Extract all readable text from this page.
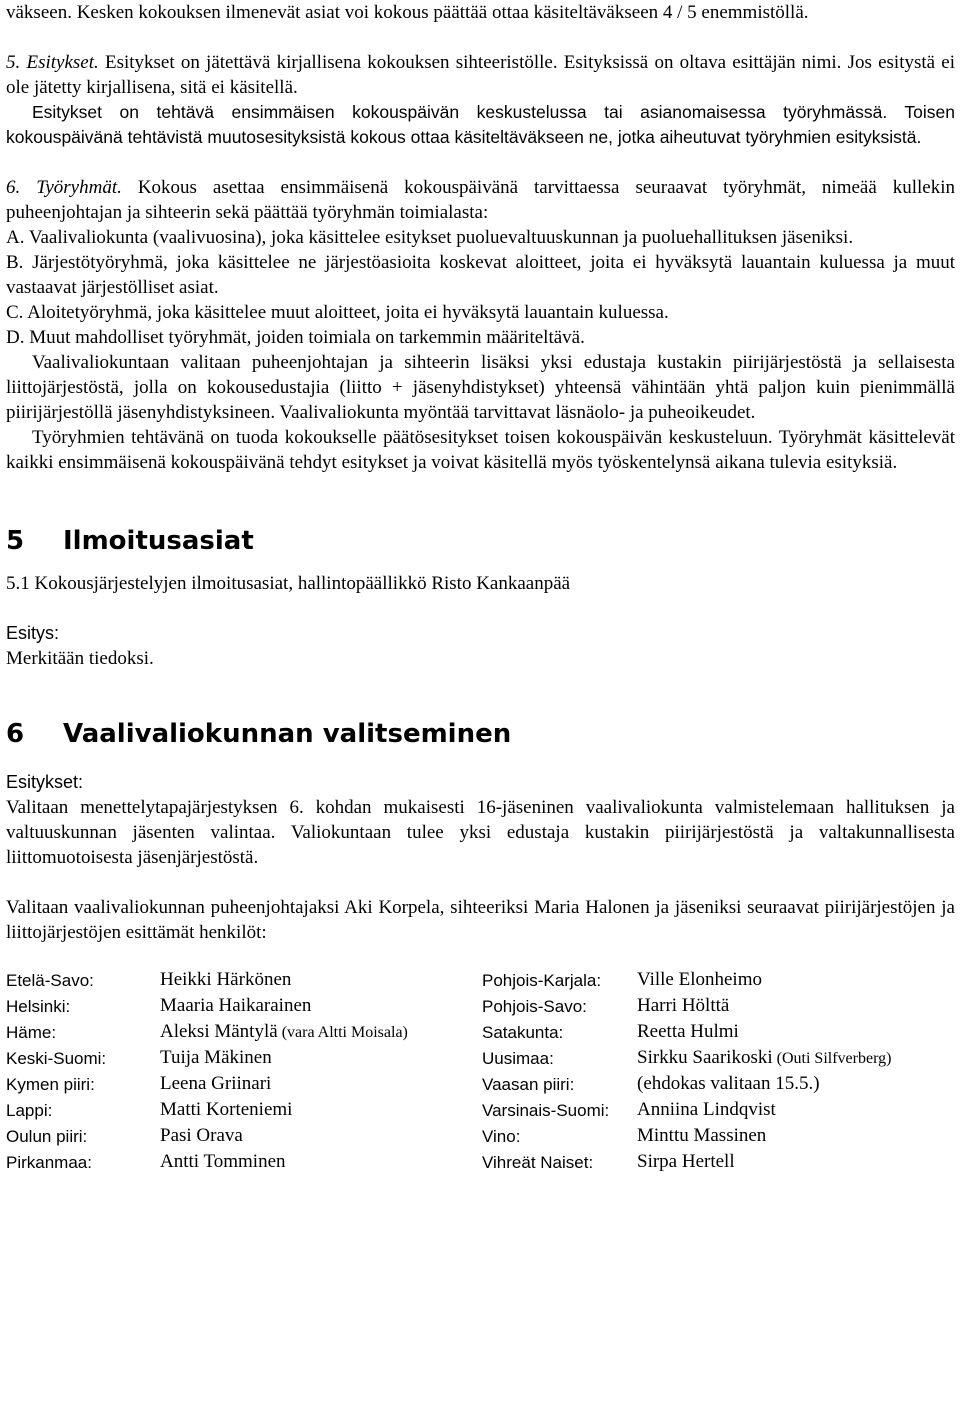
väkseen. Kesken kokouksen ilmenevät asiat voi kokous päättää ottaa käsiteltäväkseen 4 / 5 enemmistöllä.

5. Esitykset. Esitykset on jätettävä kirjallisena kokouksen sihteeristölle. Esityksissä on oltava esittäjän nimi. Jos esitystä ei ole jätetty kirjallisena, sitä ei käsitellä.

Esitykset on tehtävä ensimmäisen kokouspäivän keskustelussa tai asianomaisessa työryhmässä. Toisen kokouspäivänä tehtävistä muutosesityksistä kokous ottaa käsiteltäväkseen ne, jotka aiheutuvat työryhmien esityksistä.

6. Työryhmät. Kokous asettaa ensimmäisenä kokouspäivänä tarvittaessa seuraavat työryhmät, nimeää kullekin puheenjohtajan ja sihteerin sekä päättää työryhmän toimialasta:

A. Vaalivaliokunta (vaalivuosina), joka käsittelee esitykset puoluevaltuuskunnan ja puoluehallituksen jäseniksi.

B. Järjestötyöryhmä, joka käsittelee ne järjestöasioita koskevat aloitteet, joita ei hyväksytä lauantain kuluessa ja muut vastaavat järjestölliset asiat.

C. Aloitetyöryhmä, joka käsittelee muut aloitteet, joita ei hyväksytä lauantain kuluessa.

D. Muut mahdolliset työryhmät, joiden toimiala on tarkemmin määriteltävä.

Vaalivaliokuntaan valitaan puheenjohtajan ja sihteerin lisäksi yksi edustaja kustakin piirijärjestöstä ja sellaisesta liittojärjestöstä, jolla on kokousedustajia (liitto + jäsenyhdistykset) yhteensä vähintään yhtä paljon kuin pienimmällä piirijärjestöllä jäsenyhdistyksineen. Vaalivaliokunta myöntää tarvittavat läsnäolo- ja puheoikeudet.

Työryhmien tehtävänä on tuoda kokoukselle päätösesitykset toisen kokouspäivän keskusteluun. Työryhmät käsittelevät kaikki ensimmäisenä kokouspäivänä tehdyt esitykset ja voivat käsitellä myös työskentelynsä aikana tulevia esityksiä.

5	Ilmoitusasiat

5.1 Kokousjärjestelyjen ilmoitusasiat, hallintopäällikkö Risto Kankaanpää

Esitys:

Merkitään tiedoksi.

6	Vaalivaliokunnan valitseminen

Esitykset:

Valitaan menettelytapajärjestyksen 6. kohdan mukaisesti 16-jäseninen vaalivaliokunta valmistelemaan hallituksen ja valtuuskunnan jäsenten valintaa. Valiokuntaan tulee yksi edustaja kustakin piirijärjestöstä ja valtakunnallisesta liittomuotoisesta jäsenjärjestöstä.

Valitaan vaalivaliokunnan puheenjohtajaksi Aki Korpela, sihteeriksi Maria Halonen ja jäseniksi seuraavat piirijärjestöjen ja liittojärjestöjen esittämät henkilöt:

Etelä-Savo:	Heikki Härkönen	Pohjois-Karjala:	Ville Elonheimo
Helsinki:	Maaria Haikarainen	Pohjois-Savo:	Harri Hölttä
Häme:	Aleksi Mäntylä (vara Altti Moisala)	Satakunta:	Reetta Hulmi
Keski-Suomi:	Tuija Mäkinen	Uusimaa:	Sirkku Saarikoski (Outi Silfverberg)
Kymen piiri:	Leena Griinari	Vaasan piiri:	(ehdokas valitaan 15.5.)
Lappi:	Matti Korteniemi	Varsinais-Suomi:	Anniina Lindqvist
Oulun piiri:	Pasi Orava	Vino:	Minttu Massinen
Pirkanmaa:	Antti Tomminen	Vihreät Naiset:	Sirpa Hertell
